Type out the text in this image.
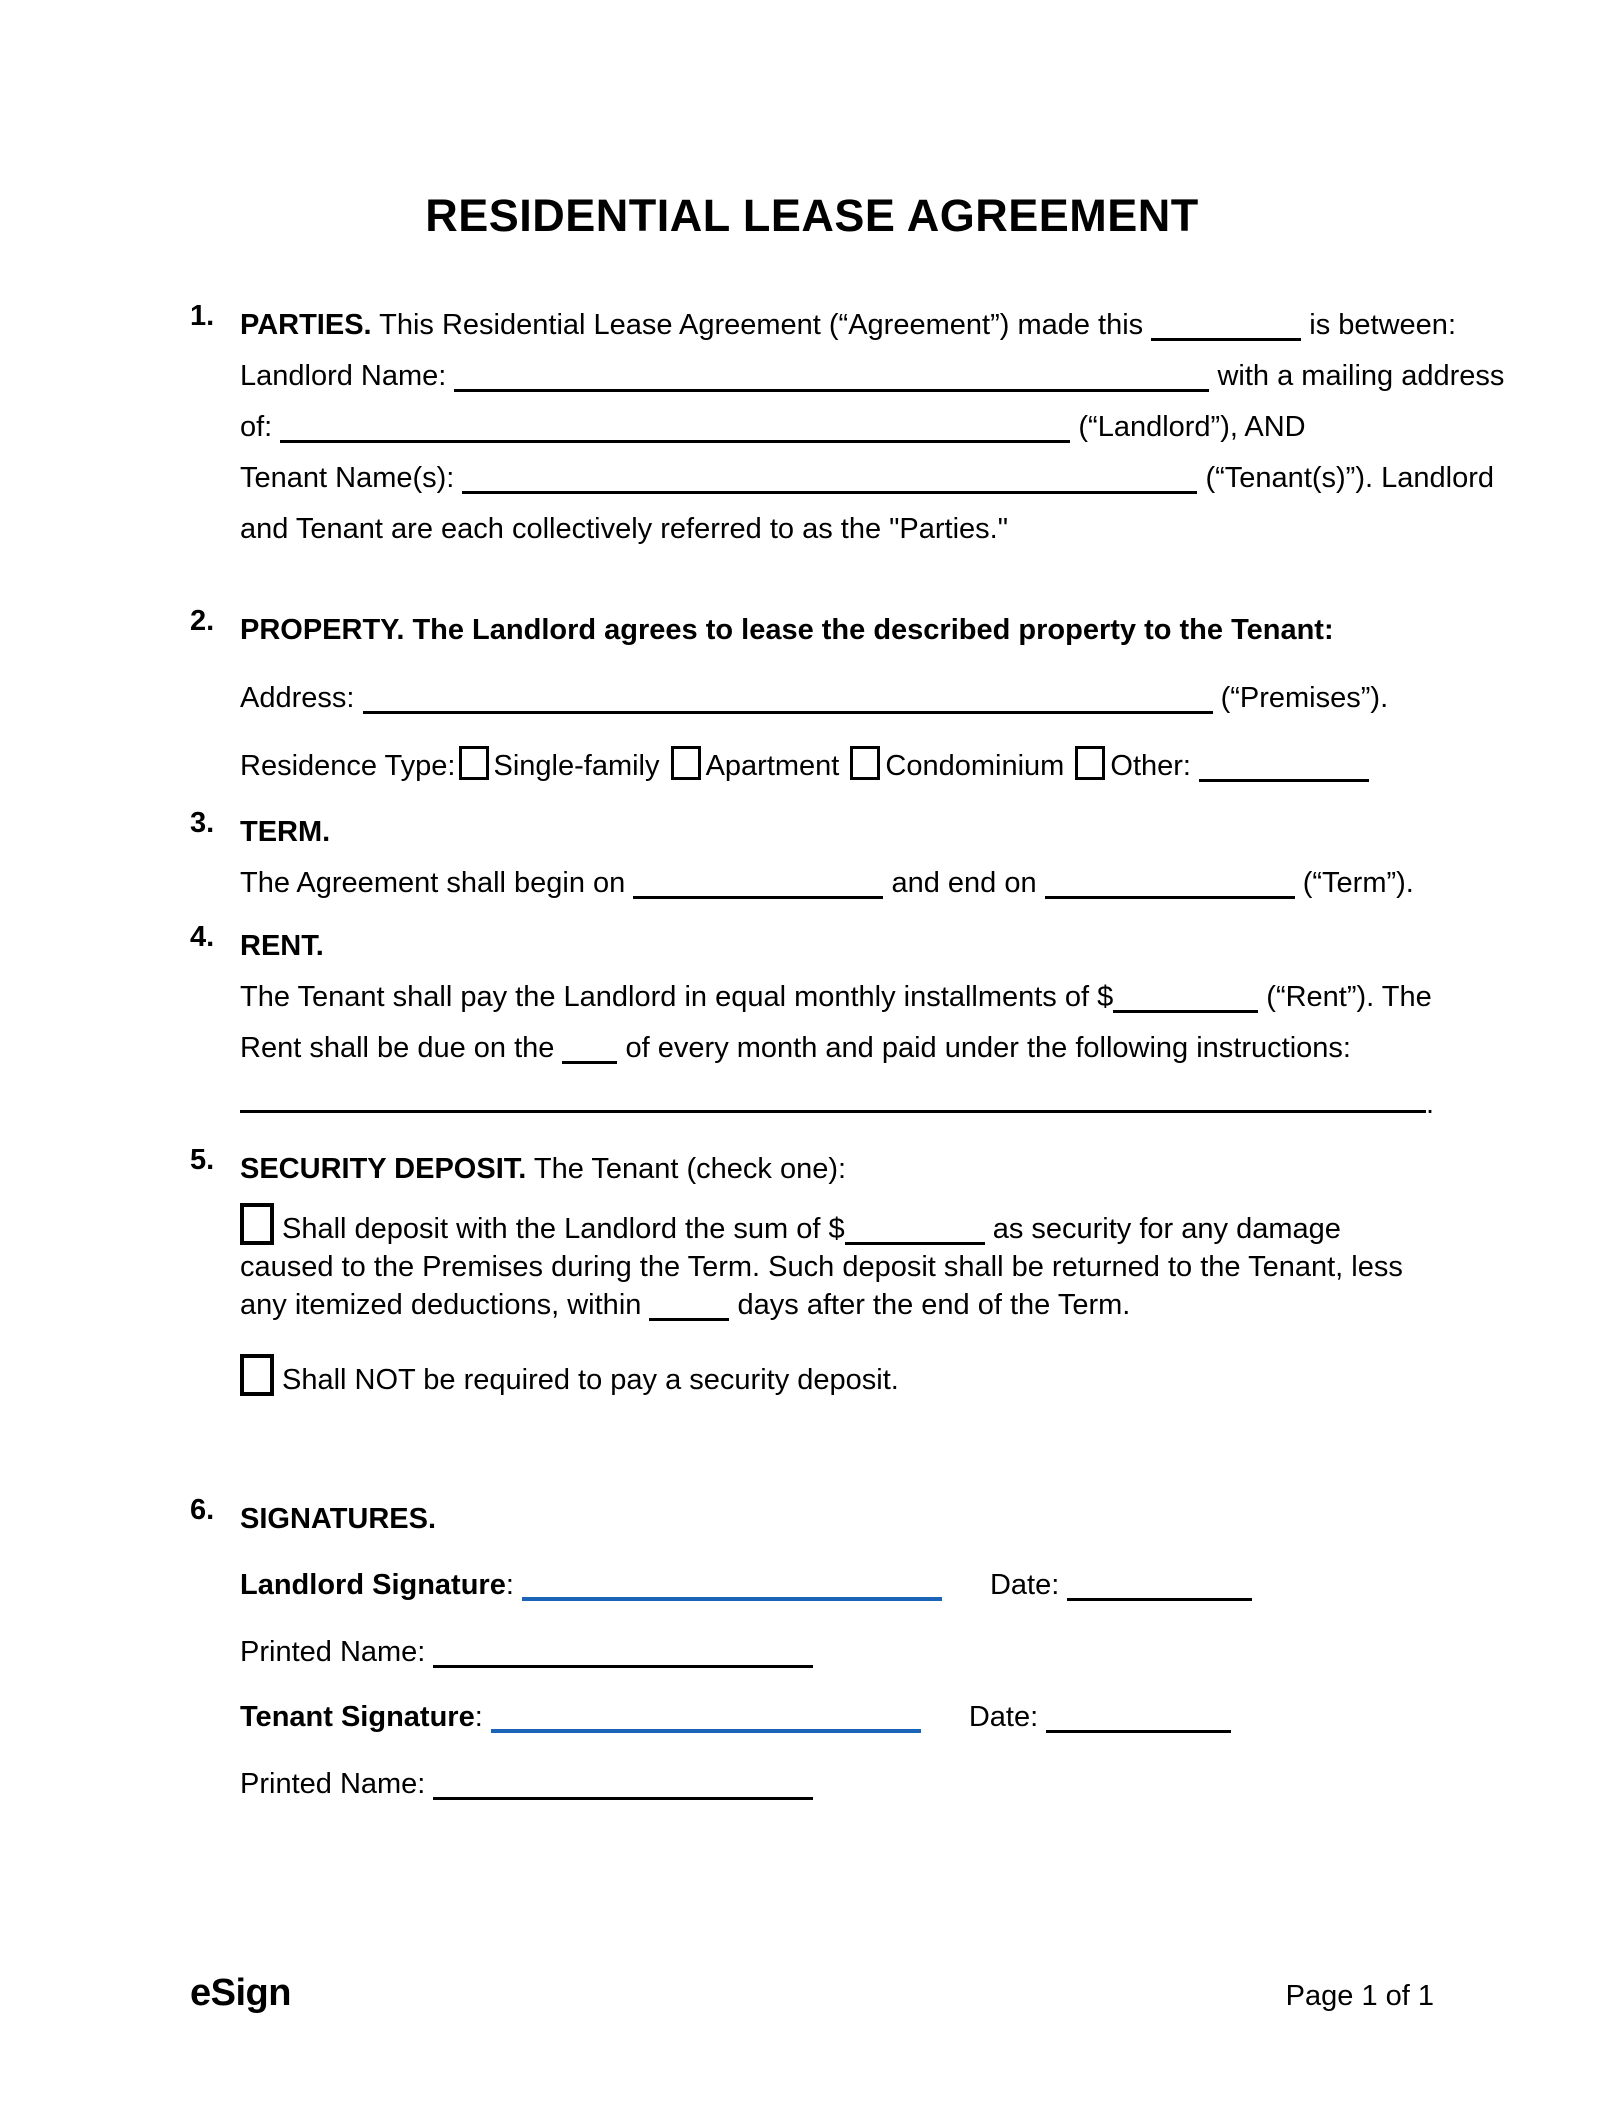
RESIDENTIAL LEASE AGREEMENT
1. PARTIES. This Residential Lease Agreement (“Agreement”) made this	is between:
Landlord Name:	with a mailing address
of:	(“Landlord”), AND
Tenant Name(s):	(“Tenant(s)”). Landlord
and Tenant are each collectively referred to as the "Parties."
2. PROPERTY. The Landlord agrees to lease the described property to the Tenant:
Address:	(“Premises”).
Residence Type: Single-family Apartment Condominium Other:
3. TERM.
The Agreement shall begin on	and end on	(“Term”).
4. RENT.
The Tenant shall pay the Landlord in equal monthly installments of $	(“Rent”). The
Rent shall be due on the of every month and paid under the following instructions:
.
5. SECURITY DEPOSIT. The Tenant (check one):
Shall deposit with the Landlord the sum of $	as security for any damage caused to the Premises during the Term. Such deposit shall be returned to the Tenant, less any itemized deductions, within	days after the end of the Term.
Shall NOT be required to pay a security deposit.
6. SIGNATURES.
Landlord Signature:	Date:
Printed Name:
Tenant Signature:	Date:
Printed Name:
eSign	Page 1 of 1
